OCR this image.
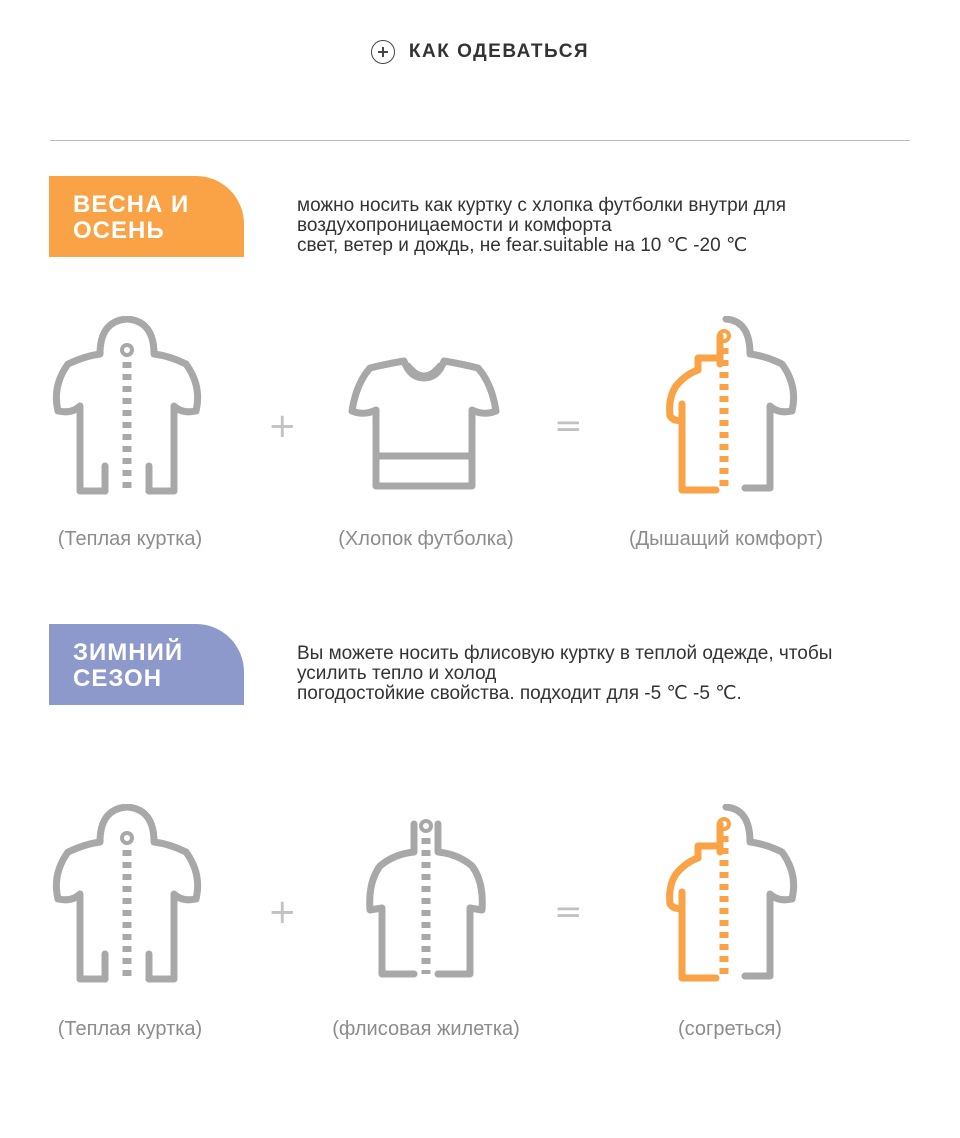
КАК ОДЕВАТЬСЯ
ВЕСНА И
ОСЕНЬ

можно носить как куртку с хлопка футболки внутри для

воздухопроницаемости и комфорта

свет, ветер и дождь, не fear.suitable на 10 ℃ -20 ℃

+	=
(Теплая куртка)	(Хлопок футболка)	(Дышащий комфорт)
ЗИМНИЙ
СЕЗОН

Вы можете носить флисовую куртку в теплой одежде, чтобы

усилить тепло и холод

погодостойкие свойства. подходит для -5 ℃ -5 ℃.

+	=
(Теплая куртка)	(флисовая жилетка)	(согреться)
